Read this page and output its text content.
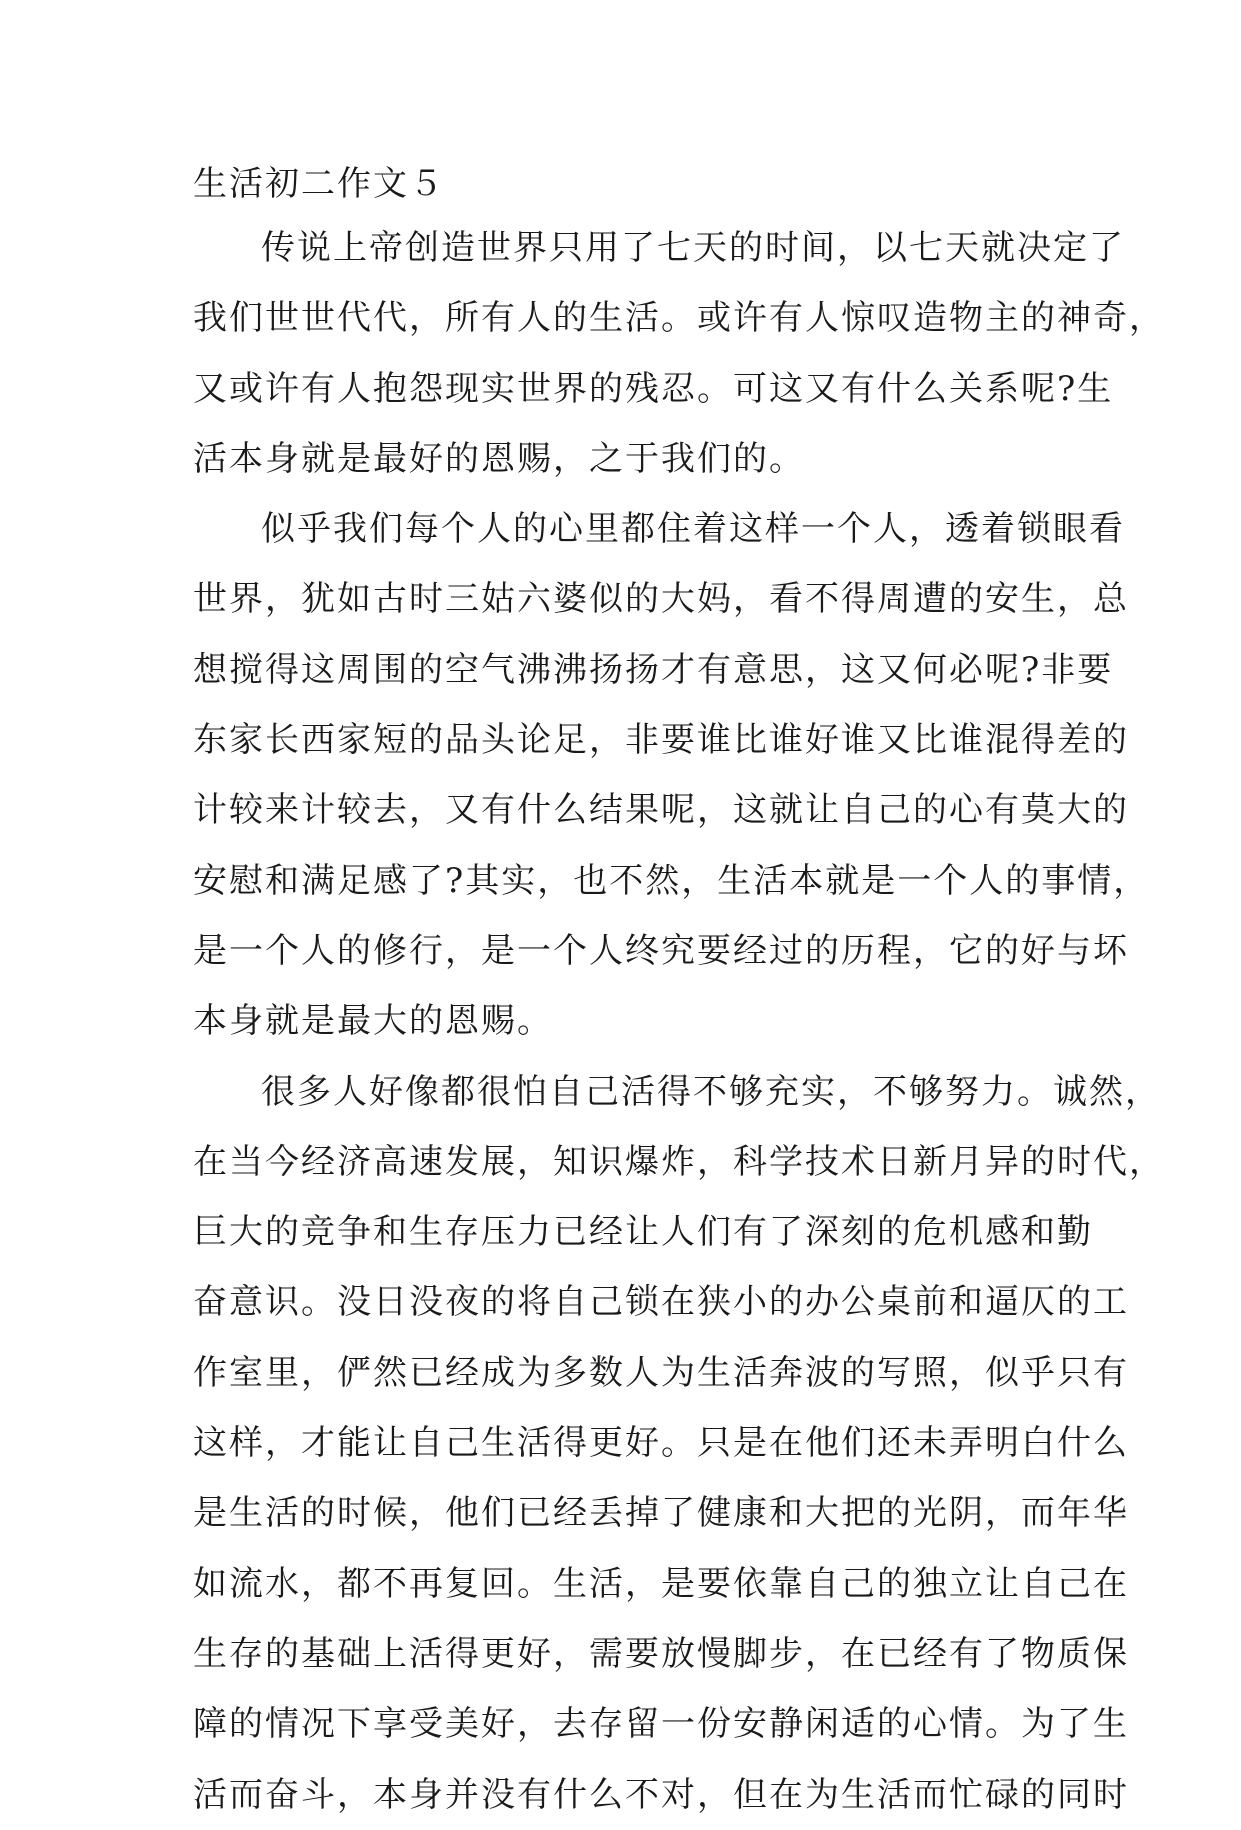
生活初二作文５
传说上帝创造世界只用了七天的时间，以七天就决定了
我们世世代代，所有人的生活。或许有人惊叹造物主的神奇，
又或许有人抱怨现实世界的残忍。可这又有什么关系呢?生
活本身就是最好的恩赐，之于我们的。
似乎我们每个人的心里都住着这样一个人，透着锁眼看
世界，犹如古时三姑六婆似的大妈，看不得周遭的安生，总
想搅得这周围的空气沸沸扬扬才有意思，这又何必呢?非要
东家长西家短的品头论足，非要谁比谁好谁又比谁混得差的
计较来计较去，又有什么结果呢，这就让自己的心有莫大的
安慰和满足感了?其实，也不然，生活本就是一个人的事情，
是一个人的修行，是一个人终究要经过的历程，它的好与坏
本身就是最大的恩赐。
很多人好像都很怕自己活得不够充实，不够努力。诚然，
在当今经济高速发展，知识爆炸，科学技术日新月异的时代，
巨大的竞争和生存压力已经让人们有了深刻的危机感和勤
奋意识。没日没夜的将自己锁在狭小的办公桌前和逼仄的工
作室里，俨然已经成为多数人为生活奔波的写照，似乎只有
这样，才能让自己生活得更好。只是在他们还未弄明白什么
是生活的时候，他们已经丢掉了健康和大把的光阴，而年华
如流水，都不再复回。生活，是要依靠自己的独立让自己在
生存的基础上活得更好，需要放慢脚步，在已经有了物质保
障的情况下享受美好，去存留一份安静闲适的心情。为了生
活而奋斗，本身并没有什么不对，但在为生活而忙碌的同时
